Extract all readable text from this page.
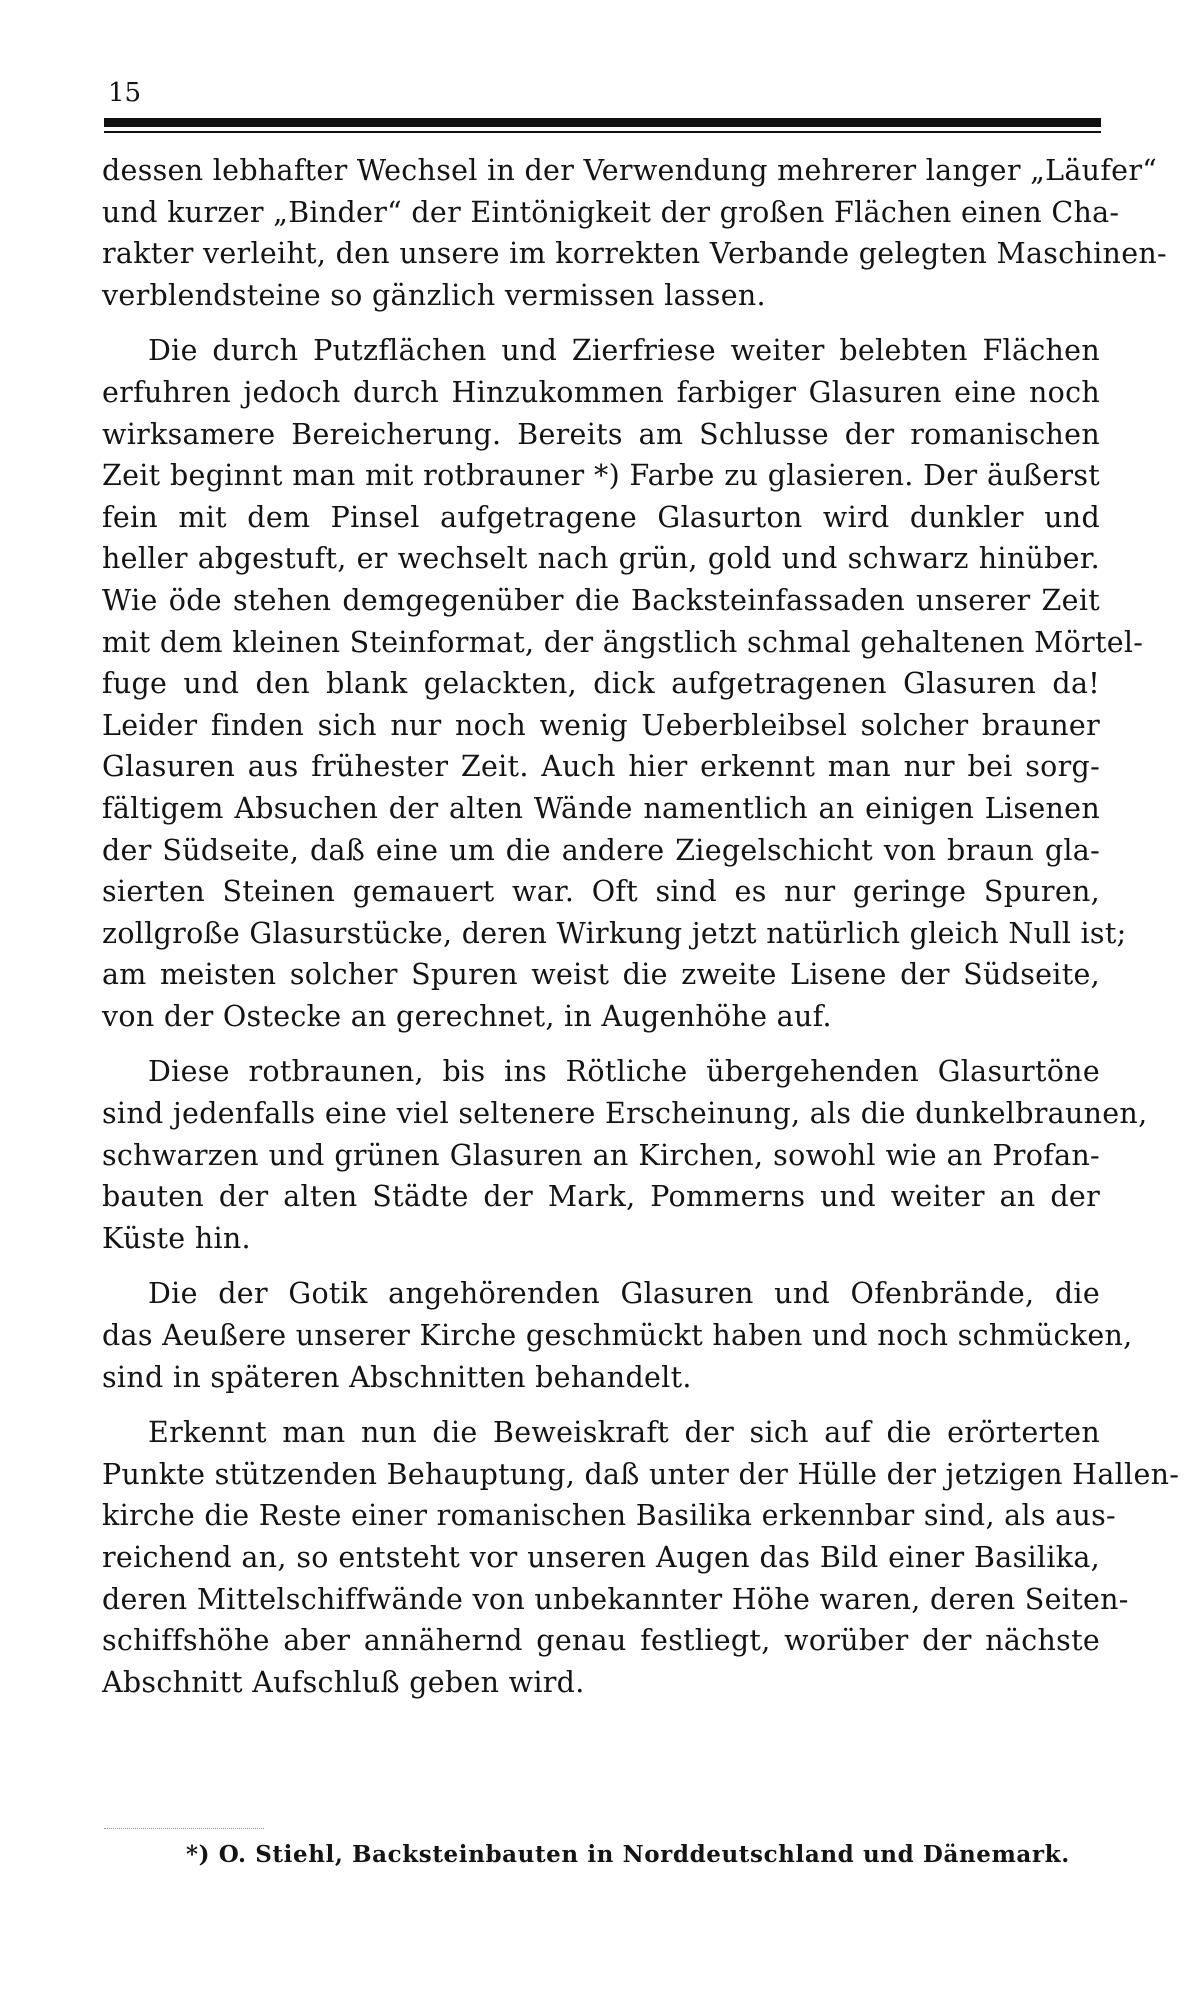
15
dessen lebhafter Wechsel in der Verwendung mehrerer langer „Läufer“
und kurzer „Binder“ der Eintönigkeit der großen Flächen einen Cha-
rakter verleiht, den unsere im korrekten Verbande gelegten Maschinen-
verblendsteine so gänzlich vermissen lassen.
Die durch Putzflächen und Zierfriese weiter belebten Flächen
erfuhren jedoch durch Hinzukommen farbiger Glasuren eine noch
wirksamere Bereicherung. Bereits am Schlusse der romanischen
Zeit beginnt man mit rotbrauner *) Farbe zu glasieren. Der äußerst
fein mit dem Pinsel aufgetragene Glasurton wird dunkler und
heller abgestuft, er wechselt nach grün, gold und schwarz hinüber.
Wie öde stehen demgegenüber die Backsteinfassaden unserer Zeit
mit dem kleinen Steinformat, der ängstlich schmal gehaltenen Mörtel-
fuge und den blank gelackten, dick aufgetragenen Glasuren da!
Leider finden sich nur noch wenig Ueberbleibsel solcher brauner
Glasuren aus frühester Zeit. Auch hier erkennt man nur bei sorg-
fältigem Absuchen der alten Wände namentlich an einigen Lisenen
der Südseite, daß eine um die andere Ziegelschicht von braun gla-
sierten Steinen gemauert war. Oft sind es nur geringe Spuren,
zollgroße Glasurstücke, deren Wirkung jetzt natürlich gleich Null ist;
am meisten solcher Spuren weist die zweite Lisene der Südseite,
von der Ostecke an gerechnet, in Augenhöhe auf.
Diese rotbraunen, bis ins Rötliche übergehenden Glasurtöne
sind jedenfalls eine viel seltenere Erscheinung, als die dunkelbraunen,
schwarzen und grünen Glasuren an Kirchen, sowohl wie an Profan-
bauten der alten Städte der Mark, Pommerns und weiter an der
Küste hin.
Die der Gotik angehörenden Glasuren und Ofenbrände, die
das Aeußere unserer Kirche geschmückt haben und noch schmücken,
sind in späteren Abschnitten behandelt.
Erkennt man nun die Beweiskraft der sich auf die erörterten
Punkte stützenden Behauptung, daß unter der Hülle der jetzigen Hallen-
kirche die Reste einer romanischen Basilika erkennbar sind, als aus-
reichend an, so entsteht vor unseren Augen das Bild einer Basilika,
deren Mittelschiffwände von unbekannter Höhe waren, deren Seiten-
schiffshöhe aber annähernd genau festliegt, worüber der nächste
Abschnitt Aufschluß geben wird.
*) O. Stiehl, Backsteinbauten in Norddeutschland und Dänemark.
